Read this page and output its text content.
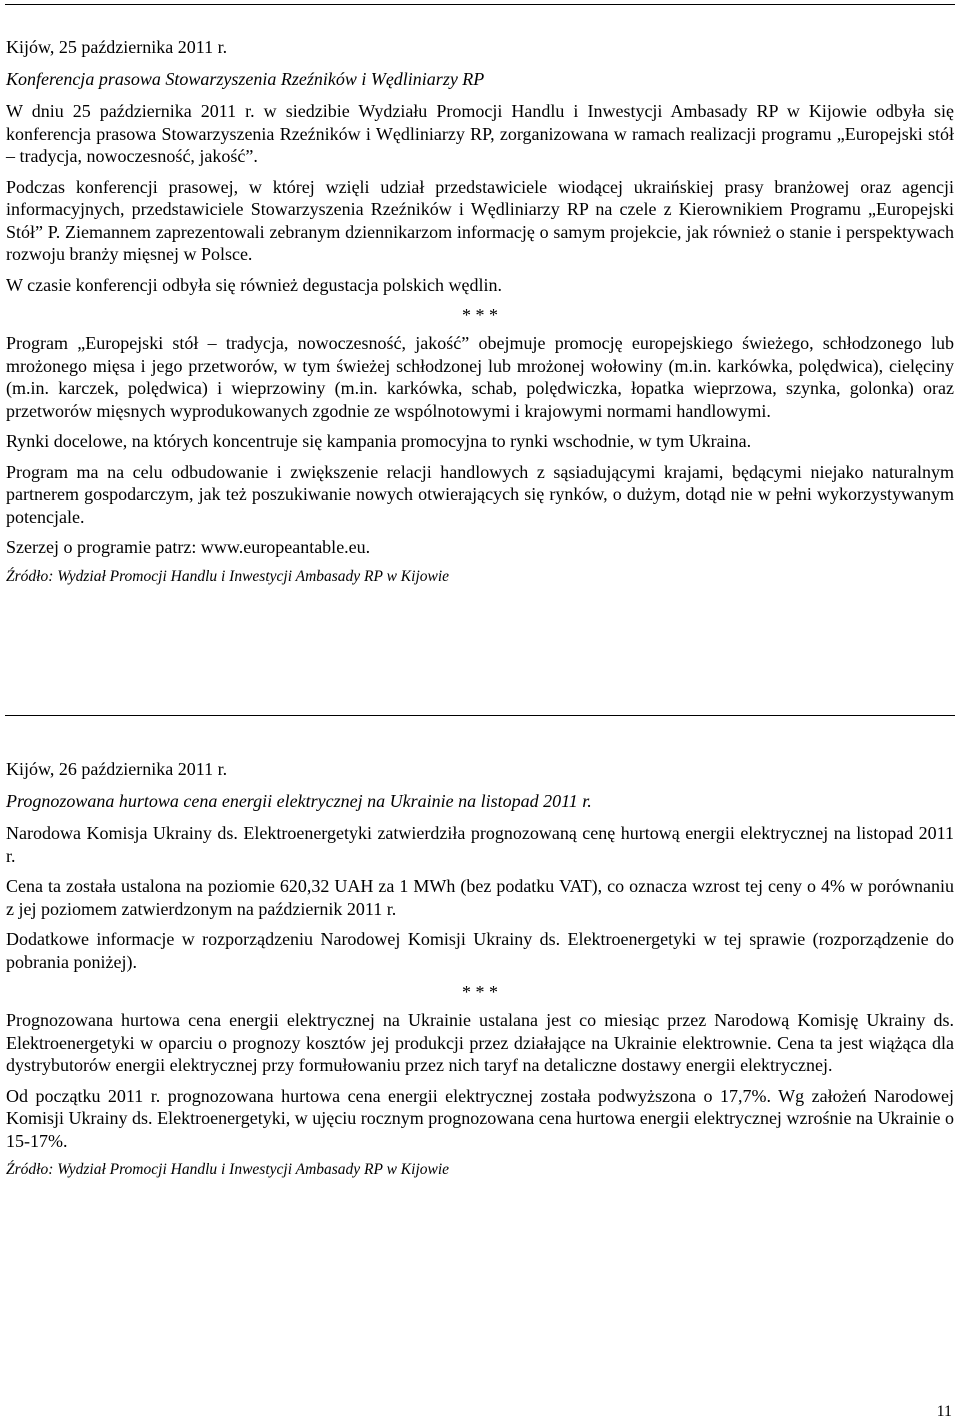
Kijów, 25 października 2011 r.
Konferencja prasowa Stowarzyszenia Rzeźników i Wędliniarzy RP

W dniu 25 października 2011 r. w siedzibie Wydziału Promocji Handlu i Inwestycji Ambasady RP w Kijowie odbyła się konferencja prasowa Stowarzyszenia Rzeźników i Wędliniarzy RP, zorganizowana w ramach realizacji programu „Europejski stół – tradycja, nowoczesność, jakość”.

Podczas konferencji prasowej, w której wzięli udział przedstawiciele wiodącej ukraińskiej prasy branżowej oraz agencji informacyjnych, przedstawiciele Stowarzyszenia Rzeźników i Wędliniarzy RP na czele z Kierownikiem Programu „Europejski Stół” P. Ziemannem zaprezentowali zebranym dziennikarzom informację o samym projekcie, jak również o stanie i perspektywach rozwoju branży mięsnej w Polsce.

W czasie konferencji odbyła się również degustacja polskich wędlin.

* * *

Program „Europejski stół – tradycja, nowoczesność, jakość” obejmuje promocję europejskiego świeżego, schłodzonego lub mrożonego mięsa i jego przetworów, w tym świeżej schłodzonej lub mrożonej wołowiny (m.in. karkówka, polędwica), cielęciny (m.in. karczek, polędwica) i wieprzowiny (m.in. karkówka, schab, polędwiczka, łopatka wieprzowa, szynka, golonka) oraz przetworów mięsnych wyprodukowanych zgodnie ze wspólnotowymi i krajowymi normami handlowymi.

Rynki docelowe, na których koncentruje się kampania promocyjna to rynki wschodnie, w tym Ukraina.

Program ma na celu odbudowanie i zwiększenie relacji handlowych z sąsiadującymi krajami, będącymi niejako naturalnym partnerem gospodarczym, jak też poszukiwanie nowych otwierających się rynków, o dużym, dotąd nie w pełni wykorzystywanym potencjale.

Szerzej o programie patrz: www.europeantable.eu.

Źródło: Wydział Promocji Handlu i Inwestycji Ambasady RP w Kijowie
Kijów, 26 października 2011 r.
Prognozowana hurtowa cena energii elektrycznej na Ukrainie na listopad 2011 r.

Narodowa Komisja Ukrainy ds. Elektroenergetyki zatwierdziła prognozowaną cenę hurtową energii elektrycznej na listopad 2011 r.

Cena ta została ustalona na poziomie 620,32 UAH za 1 MWh (bez podatku VAT), co oznacza wzrost tej ceny o 4% w porównaniu z jej poziomem zatwierdzonym na październik 2011 r.

Dodatkowe informacje w rozporządzeniu Narodowej Komisji Ukrainy ds. Elektroenergetyki w tej sprawie (rozporządzenie do pobrania poniżej).

* * *

Prognozowana hurtowa cena energii elektrycznej na Ukrainie ustalana jest co miesiąc przez Narodową Komisję Ukrainy ds. Elektroenergetyki w oparciu o prognozy kosztów jej produkcji przez działające na Ukrainie elektrownie. Cena ta jest wiążąca dla dystrybutorów energii elektrycznej przy formułowaniu przez nich taryf na detaliczne dostawy energii elektrycznej.

Od początku 2011 r. prognozowana hurtowa cena energii elektrycznej została podwyższona o 17,7%. Wg założeń Narodowej Komisji Ukrainy ds. Elektroenergetyki, w ujęciu rocznym prognozowana cena hurtowa energii elektrycznej wzrośnie na Ukrainie o 15-17%.

Źródło: Wydział Promocji Handlu i Inwestycji Ambasady RP w Kijowie
11
